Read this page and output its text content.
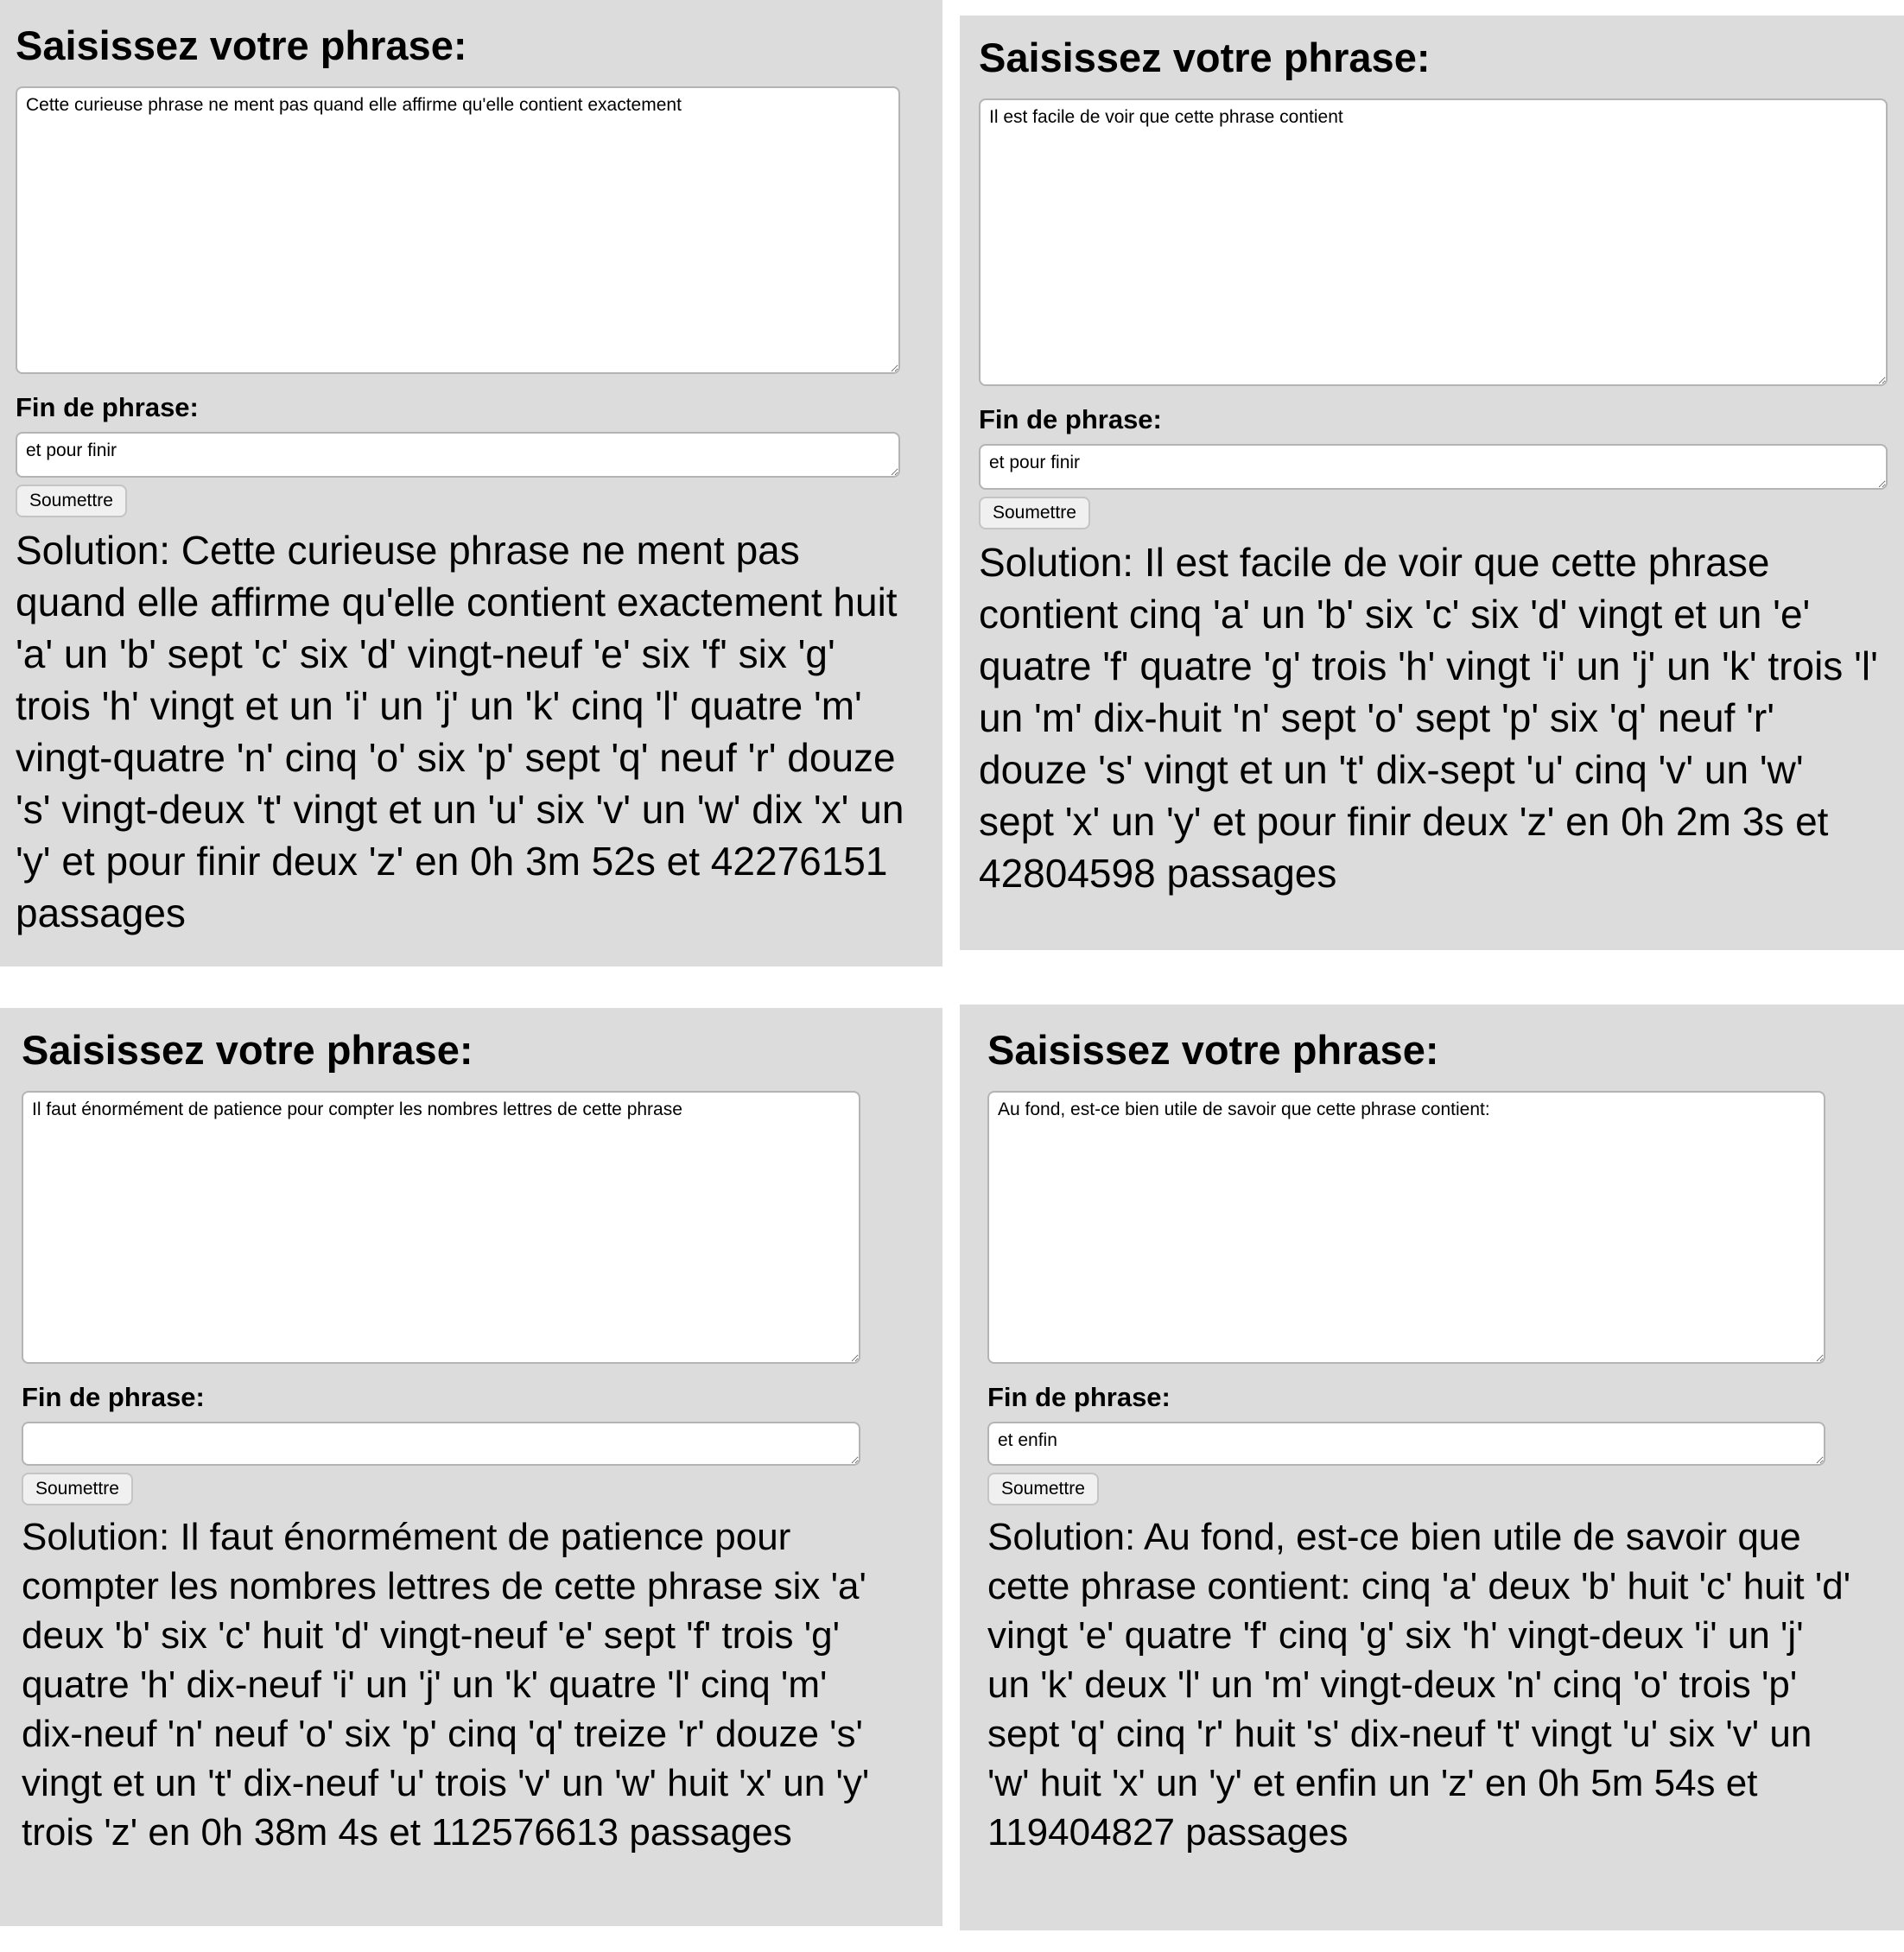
Saisissez votre phrase:
Cette curieuse phrase ne ment pas quand elle affirme qu'elle contient exactement
Fin de phrase:
et pour finir Soumettre
Solution: Cette curieuse phrase ne ment pas quand elle affirme qu'elle contient exactement huit 'a' un 'b' sept 'c' six 'd' vingt-neuf 'e' six 'f' six 'g' trois 'h' vingt et un 'i' un 'j' un 'k' cinq 'l' quatre 'm' vingt-quatre 'n' cinq 'o' six 'p' sept 'q' neuf 'r' douze 's' vingt-deux 't' vingt et un 'u' six 'v' un 'w' dix 'x' un 'y' et pour finir deux 'z' en 0h 3m 52s et 42276151 passages
Saisissez votre phrase:
Il est facile de voir que cette phrase contient
Fin de phrase:
et pour finir Soumettre
Solution: Il est facile de voir que cette phrase contient cinq 'a' un 'b' six 'c' six 'd' vingt et un 'e' quatre 'f' quatre 'g' trois 'h' vingt 'i' un 'j' un 'k' trois 'l' un 'm' dix-huit 'n' sept 'o' sept 'p' six 'q' neuf 'r' douze 's' vingt et un 't' dix-sept 'u' cinq 'v' un 'w' sept 'x' un 'y' et pour finir deux 'z' en 0h 2m 3s et 42804598 passages
Saisissez votre phrase:
Il faut énormément de patience pour compter les nombres lettres de cette phrase
Fin de phrase:
Soumettre
Solution: Il faut énormément de patience pour compter les nombres lettres de cette phrase six 'a' deux 'b' six 'c' huit 'd' vingt-neuf 'e' sept 'f' trois 'g' quatre 'h' dix-neuf 'i' un 'j' un 'k' quatre 'l' cinq 'm' dix-neuf 'n' neuf 'o' six 'p' cinq 'q' treize 'r' douze 's' vingt et un 't' dix-neuf 'u' trois 'v' un 'w' huit 'x' un 'y'  trois 'z' en 0h 38m 4s et 112576613 passages
Saisissez votre phrase:
Au fond, est-ce bien utile de savoir que cette phrase contient:
Fin de phrase:
et enfin Soumettre
Solution: Au fond, est-ce bien utile de savoir que cette phrase contient: cinq 'a' deux 'b' huit 'c' huit 'd' vingt 'e' quatre 'f' cinq 'g' six 'h' vingt-deux 'i' un 'j' un 'k' deux 'l' un 'm' vingt-deux 'n' cinq 'o' trois 'p' sept 'q' cinq 'r' huit 's' dix-neuf 't' vingt 'u' six 'v' un 'w' huit 'x' un 'y' et enfin un 'z' en 0h 5m 54s et 119404827 passages
